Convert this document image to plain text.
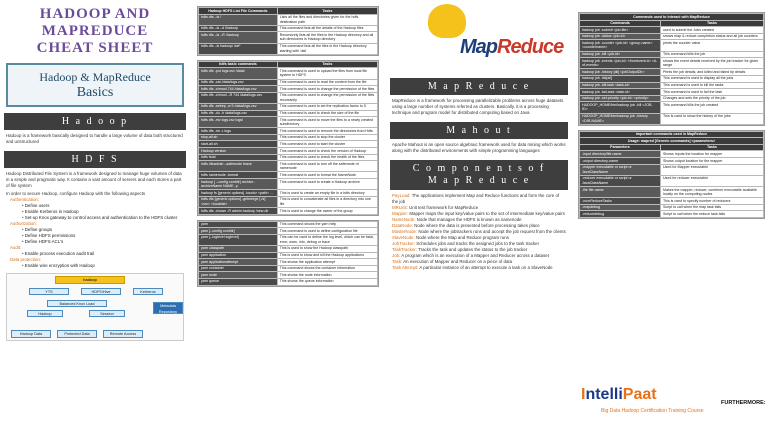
HADOOP AND
MAPREDUCE
CHEAT SHEET
Hadoop & MapReduce
Basics
H a d o o p
Hadoop is a framework basically designed to handle a large volume of data both structured and unstructured
H D F S
Hadoop Distributed File System is a framework designed to manage huge volumes of data in a simple and pragmatic way. It contains a vast amount of servers and each stores a part of file system
In order to secure Hadoop, configure Hadoop with the following aspects
Authentication:
• Define users
• Enable Kerberos in Hadoop
• Set-up Knox gateway to control access and authentication to the HDFS cluster
Authorization:
• Define groups
• Define HDFS permissions
• Define HDFS ACL's
Audit:
• Enable process execution audit trail
Data protection:
• Enable wire encryption with Hadoop
hadoop
YTS	HDFS/Hive	Kerberos
Balanced Knox Load
Hadoop	Session
Hadoop Data	Protected Data	Remote Access
Metadata Repository
Hadoop HDFS List File Commands	Tasks
hdfs dfs –ls /	Lists all the files and directories given for the hdfs destination path
hdfs dfs –ls –d /hadoop	This command lists all the details of the Hadoop files
hdfs dfs –ls –R /hadoop	Recursively lists all the files in the Hadoop directory and all sub directories in Hadoop directory
hdfs dfs –ls hadoop/ dat*	This command lists all the files in the Hadoop directory starting with 'dat'
hdfs basic commands	Tasks
hdfs dfs -put logs.csv /data/	This command is used to upload the files from local file system to HDFS
hdfs dfs -cat /data/logs.csv	This command is used to read the content from the file
hdfs dfs -chmod 744 /data/logs.csv	This command is used to change the permission of the files
hdfs dfs -chmod –R 744 /data/logs.csv	This command is used to change the permission of the files recursively
hdfs dfs -setrep -w 5 /data/logs.csv	This command is used to set the replication factor to 5
hdfs dfs -du -h /data/logs.csv	This command is used to check the size of the file
hdfs dfs -mv logs.csv logs/	This command is used to move the files to a newly created subdirectory
hdfs dfs -rm -r logs	This command is used to remove the directories from Hdfs
stop-all.sh	This command is used to stop the cluster
start-all.sh	This command is used to start the cluster
Hadoop version	This command is used to check the version of Hadoop
hdfs fsck/	This command is used to check the health of the files
hdfs dfsadmin –safemode leave	This command is used to turn off the safemode of namenode
hdfs namenode -format	This command is used to format the NameNode
hadoop [ --config confdir] archive -archiveName NAME -p	This command is used to create a Hadoop archive
hadoop fs [generic options] -touchz <path> ...	This is used to create an empty file in a hdfs directory
hdfs dfs [generic options] -getmerge [-nl] <src> <localdst>	This is used to concatenate all files in a directory into one file
hdfs dfs -chown -R admin:hadoop /new-dir	This is used to change the owner of the group
yarn	This command shows the yarn help
yarn [--config confdir]	This command is used to define configuration file
yarn [--loglevel loglevel]	This can be used to define the log level, which can be fatal, error, warn, info, debug or trace
yarn classpath	This is used to show the Hadoop classpath
yarn application	This is used to show and kill the Hadoop applications
yarn applicationattempt	This shows the application attempt
yarn container	This command shows the container information
yarn node	This shows the node information
yarn queue	This shows the queue information
MapReduce
M a p R e d u c e
MapReduce is a framework for processing parallelizable problems across huge datasets using a large number of systems referred as clusters. Basically, it is a processing technique and program model for distributed computing based on Java
M a h o u t
Apache Mahout is an open source algebraic framework used for data mining which works along with the distributed environments with simple programming languages
C o m p o n e n t s o f
M a p R e d u c e
PayLoad: The applications implement Map and Reduce functions and form the core of the job
MRUnit: Unit test framework for MapReduce
Mapper: Mapper maps the input key/value pairs to the set of intermediate key/value pairs
NameNode: Node that manages the HDFS is known as namenode
DataNode: Node where the data is presented before processing takes place
MasterNode: Node where the jobtrackers runs and accept the job request from the clients
SlaveNode: Node where the Map and Reduce program runs
JobTracker: Schedules jobs and tracks the assigned jobs to the task tracker
TaskTracker: Tracks the task and updates the status to the job tracker
Job: A program which is an execution of a Mapper and Reducer across a dataset
Task: An execution of Mapper and Reducer on a piece of data
Task Attempt: A particular instance of an attempt to execute a task on a SlaveNode
Commands used to interact with MapReduce	
Commands	Tasks
hadoop job -submit <job-file>	used to submit the Jobs created
hadoop job -status <job-id>	shows map & reduce completion status and all job counters
hadoop job -counter <job-id> <group-name> <countername>	prints the counter value
hadoop job -kill <job-id>	This command kills the job
hadoop job -events <job-id> <fromevent-#> <#-of-events>	shows the event details received by the job tracker for given range
hadoop job -history [all] <jobOutputDir>	Prints the job details, and killed and failed tip details
hadoop job -list[all]	This command is used to display all the jobs
hadoop job -kill-task <task-id>	This command is used to kill the tasks
hadoop job -fail-task <task-id>	This command is used to fail the task
hadoop job -set-priority <job-id> <priority>	Changes and sets the priority of the job
HADOOP_HOME/bin/hadoop job -kill <JOB-ID>	This command kills the job created
HADOOP_HOME/bin/hadoop job -history <DIR-NAME>	This is used to show the history of the jobs
Important commands used in MapReduce	
Usage: mapred [Generic commands] <parameters>	
Parameters	Tasks
-input directory/file-name	Shows Inputs the location for mapper
-output directory-name	Shows output location for the mapper
-mapper executable or script or JavaClassName	Used for Mapper executable
-reducer executable or script or JavaClassName	Used for reducer executable
-file file-name	Makes the mapper, reducer, combiner executable available locally on the computing nodes
-numReduceTasks	This is used to specify number of reducers
-mapdebug	Script to call when the map task fails
-reducedebug	Script to call when the reduce task fails
IntelliPaat
Big Data Hadoop Certification Training Course
FURTHERMORE:
